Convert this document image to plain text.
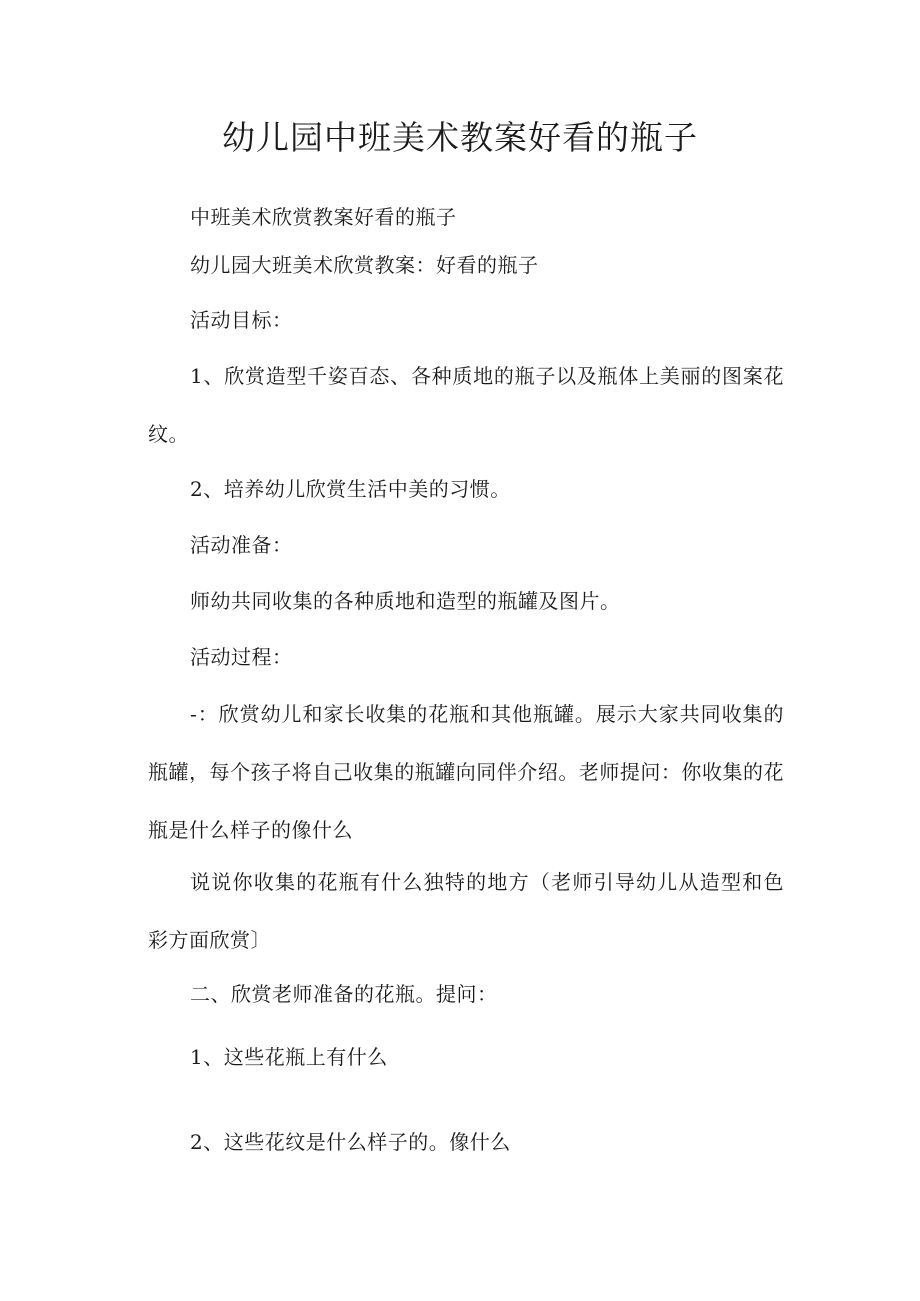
幼儿园中班美术教案好看的瓶子

中班美术欣赏教案好看的瓶子

幼儿园大班美术欣赏教案：好看的瓶子

活动目标：

1、欣赏造型千姿百态、各种质地的瓶子以及瓶体上美丽的图案花纹。

2、培养幼儿欣赏生活中美的习惯。

活动准备：

师幼共同收集的各种质地和造型的瓶罐及图片。

活动过程：

-：欣赏幼儿和家长收集的花瓶和其他瓶罐。展示大家共同收集的瓶罐，每个孩子将自己收集的瓶罐向同伴介绍。老师提问：你收集的花瓶是什么样子的像什么

说说你收集的花瓶有什么独特的地方（老师引导幼儿从造型和色彩方面欣赏〕

二、欣赏老师准备的花瓶。提问：

1、这些花瓶上有什么

2、这些花纹是什么样子的。像什么
